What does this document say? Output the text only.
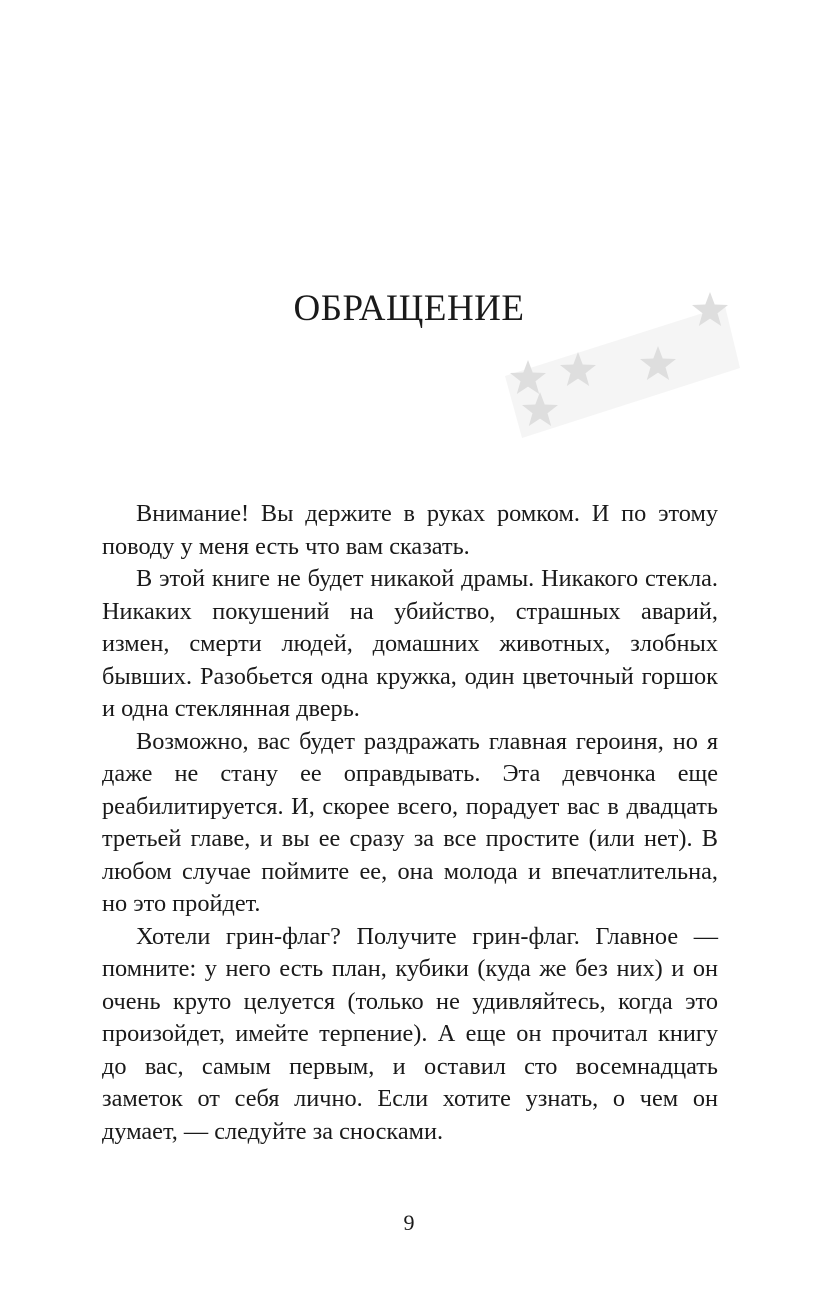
ОБРАЩЕНИЕ

Внимание! Вы держите в руках ромком. И по этому поводу у меня есть что вам сказать.

В этой книге не будет никакой драмы. Никакого стекла. Никаких покушений на убийство, страшных аварий, измен, смерти людей, домашних животных, злобных бывших. Разобьется одна кружка, один цветочный горшок и одна стеклянная дверь.

Возможно, вас будет раздражать главная героиня, но я даже не стану ее оправдывать. Эта девчонка еще реабилитируется. И, скорее всего, порадует вас в двадцать третьей главе, и вы ее сразу за все простите (или нет). В любом случае поймите ее, она молода и впечатлительна, но это пройдет.

Хотели грин-флаг? Получите грин-флаг. Главное — помните: у него есть план, кубики (куда же без них) и он очень круто целуется (только не удивляйтесь, когда это произойдет, имейте терпение). А еще он прочитал книгу до вас, самым первым, и оставил сто восемнадцать заметок от себя лично. Если хотите узнать, о чем он думает, — следуйте за сносками.

9
